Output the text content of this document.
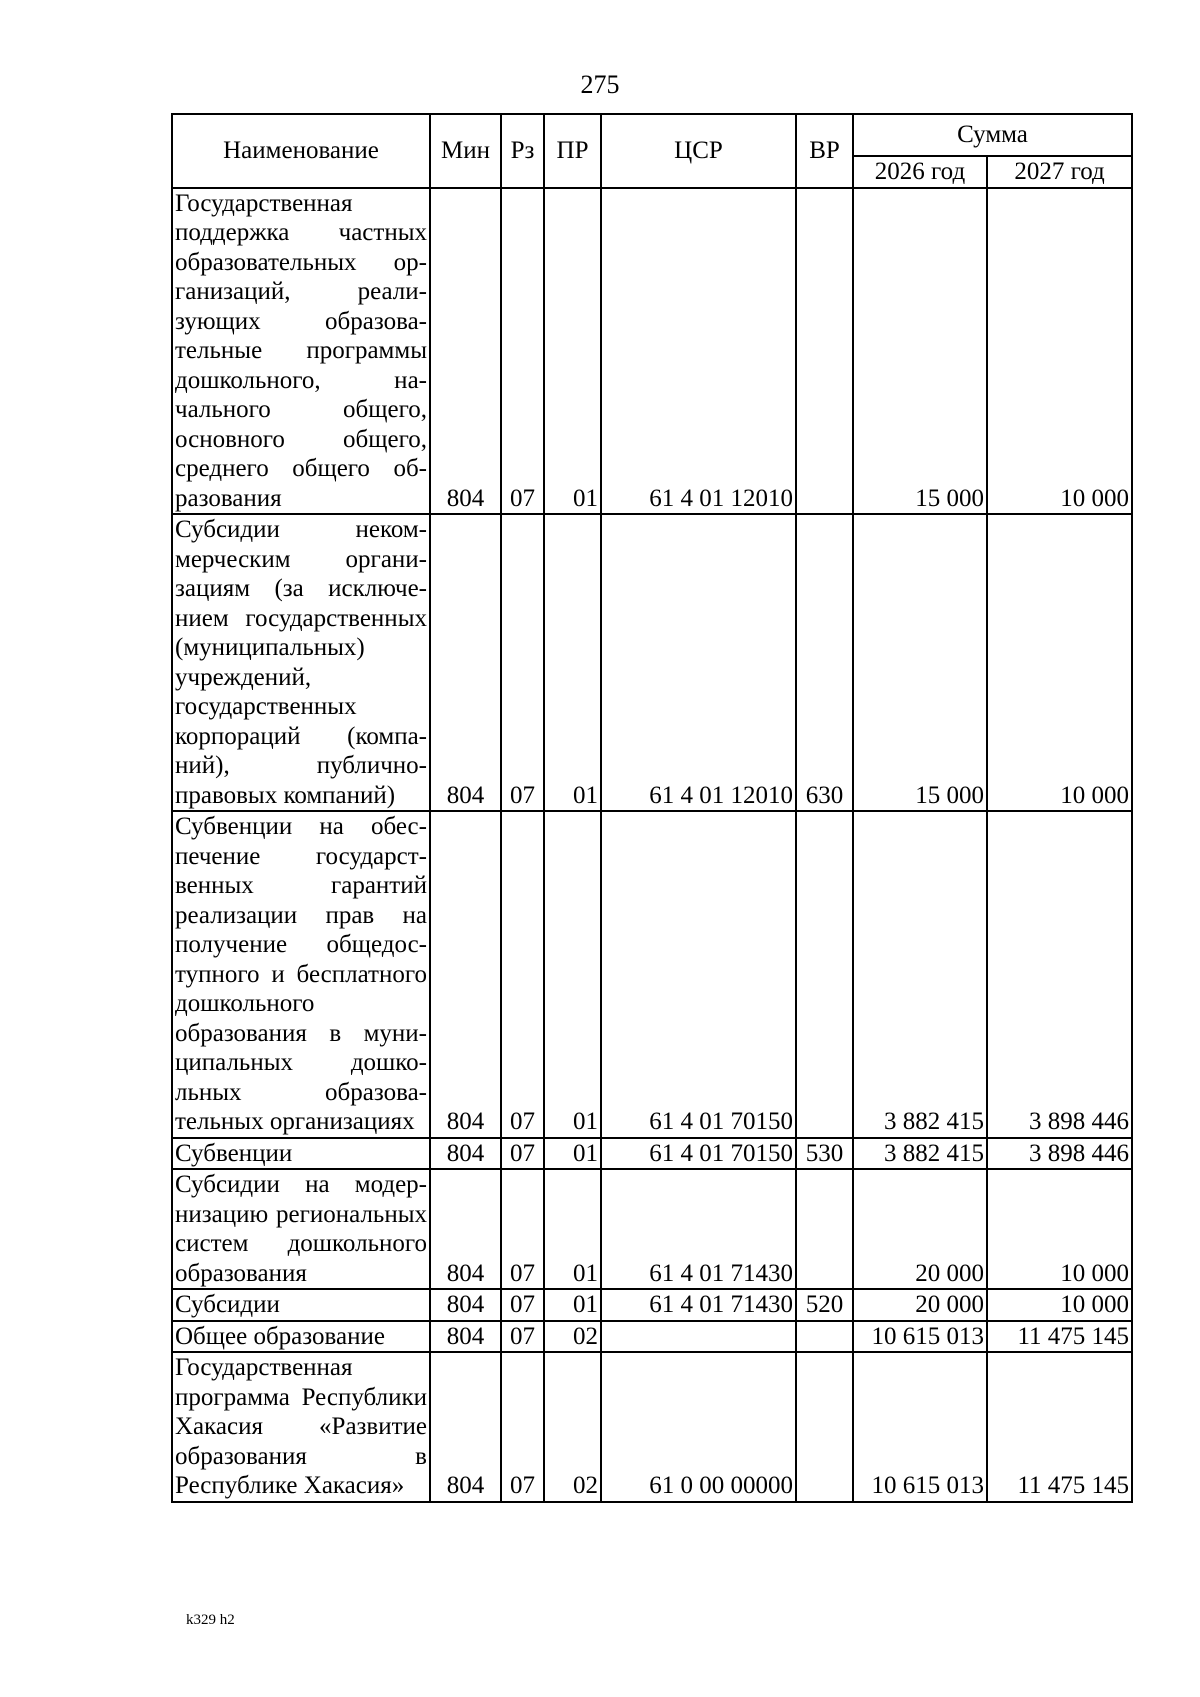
275
Наименование	Мин	Рз	ПР	ЦСР	ВР	Сумма	
						2026 год	2027 год
Государственная поддержка частных образовательных организаций, реализующих образовательные программы дошкольного, начального общего, основного общего, среднего общего образования	804	07	01	61 4 01 12010		15 000	10 000
Субсидии некоммерческим организациям (за исключением государственных (муниципальных) учреждений, государственных корпораций (компаний), публично-правовых компаний)	804	07	01	61 4 01 12010	630	15 000	10 000
Субвенции на обеспечение государственных гарантий реализации прав на получение общедоступного и бесплатного дошкольного образования в муниципальных дошкольных образовательных организациях	804	07	01	61 4 01 70150		3 882 415	3 898 446
Субвенции	804	07	01	61 4 01 70150	530	3 882 415	3 898 446
Субсидии на модернизацию региональных систем дошкольного образования	804	07	01	61 4 01 71430		20 000	10 000
Субсидии	804	07	01	61 4 01 71430	520	20 000	10 000
Общее образование	804	07	02			10 615 013	11 475 145
Государственная программа Республики Хакасия «Развитие образования в Республике Хакасия»	804	07	02	61 0 00 00000		10 615 013	11 475 145
k329 h2
